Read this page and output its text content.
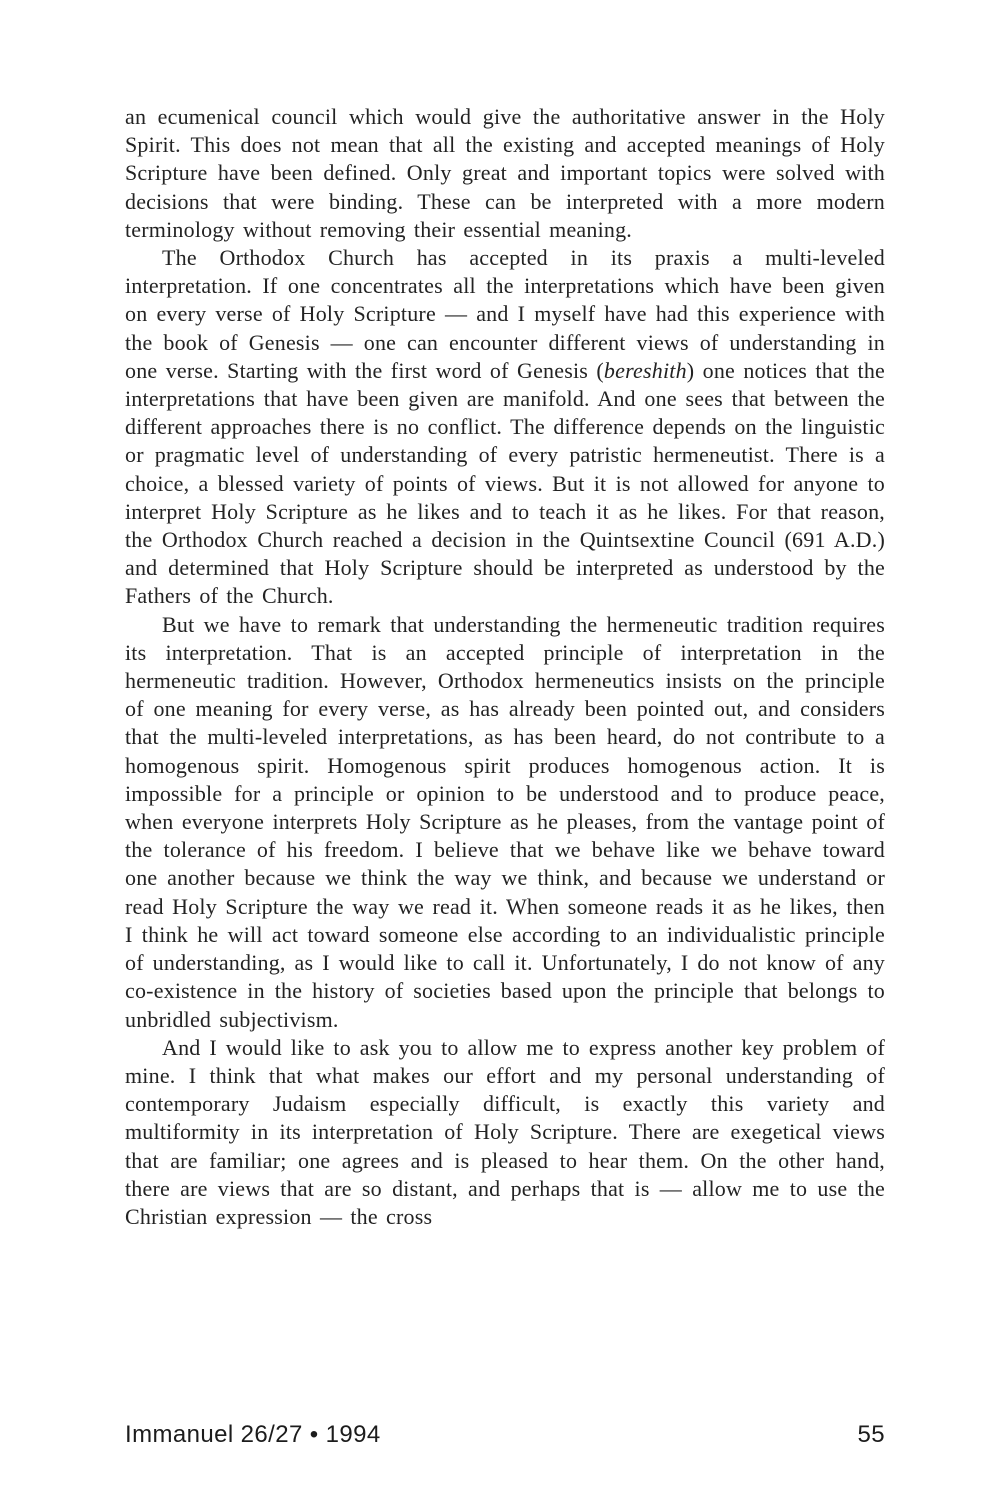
an ecumenical council which would give the authoritative answer in the Holy Spirit. This does not mean that all the existing and accepted meanings of Holy Scripture have been defined. Only great and important topics were solved with decisions that were binding. These can be interpreted with a more modern terminology without removing their essential meaning.

The Orthodox Church has accepted in its praxis a multi-leveled interpretation. If one concentrates all the interpretations which have been given on every verse of Holy Scripture — and I myself have had this experience with the book of Genesis — one can encounter different views of understanding in one verse. Starting with the first word of Genesis (bereshith) one notices that the interpretations that have been given are manifold. And one sees that between the different approaches there is no conflict. The difference depends on the linguistic or pragmatic level of understanding of every patristic hermeneutist. There is a choice, a blessed variety of points of views. But it is not allowed for anyone to interpret Holy Scripture as he likes and to teach it as he likes. For that reason, the Orthodox Church reached a decision in the Quintsextine Council (691 A.D.) and determined that Holy Scripture should be interpreted as understood by the Fathers of the Church.

But we have to remark that understanding the hermeneutic tradition requires its interpretation. That is an accepted principle of interpretation in the hermeneutic tradition. However, Orthodox hermeneutics insists on the principle of one meaning for every verse, as has already been pointed out, and considers that the multi-leveled interpretations, as has been heard, do not contribute to a homogenous spirit. Homogenous spirit produces homogenous action. It is impossible for a principle or opinion to be understood and to produce peace, when everyone interprets Holy Scripture as he pleases, from the vantage point of the tolerance of his freedom. I believe that we behave like we behave toward one another because we think the way we think, and because we understand or read Holy Scripture the way we read it. When someone reads it as he likes, then I think he will act toward someone else according to an individualistic principle of understanding, as I would like to call it. Unfortunately, I do not know of any co-existence in the history of societies based upon the principle that belongs to unbridled subjectivism.

And I would like to ask you to allow me to express another key problem of mine. I think that what makes our effort and my personal understanding of contemporary Judaism especially difficult, is exactly this variety and multiformity in its interpretation of Holy Scripture. There are exegetical views that are familiar; one agrees and is pleased to hear them. On the other hand, there are views that are so distant, and perhaps that is — allow me to use the Christian expression — the cross

Immanuel 26/27 • 1994	55
